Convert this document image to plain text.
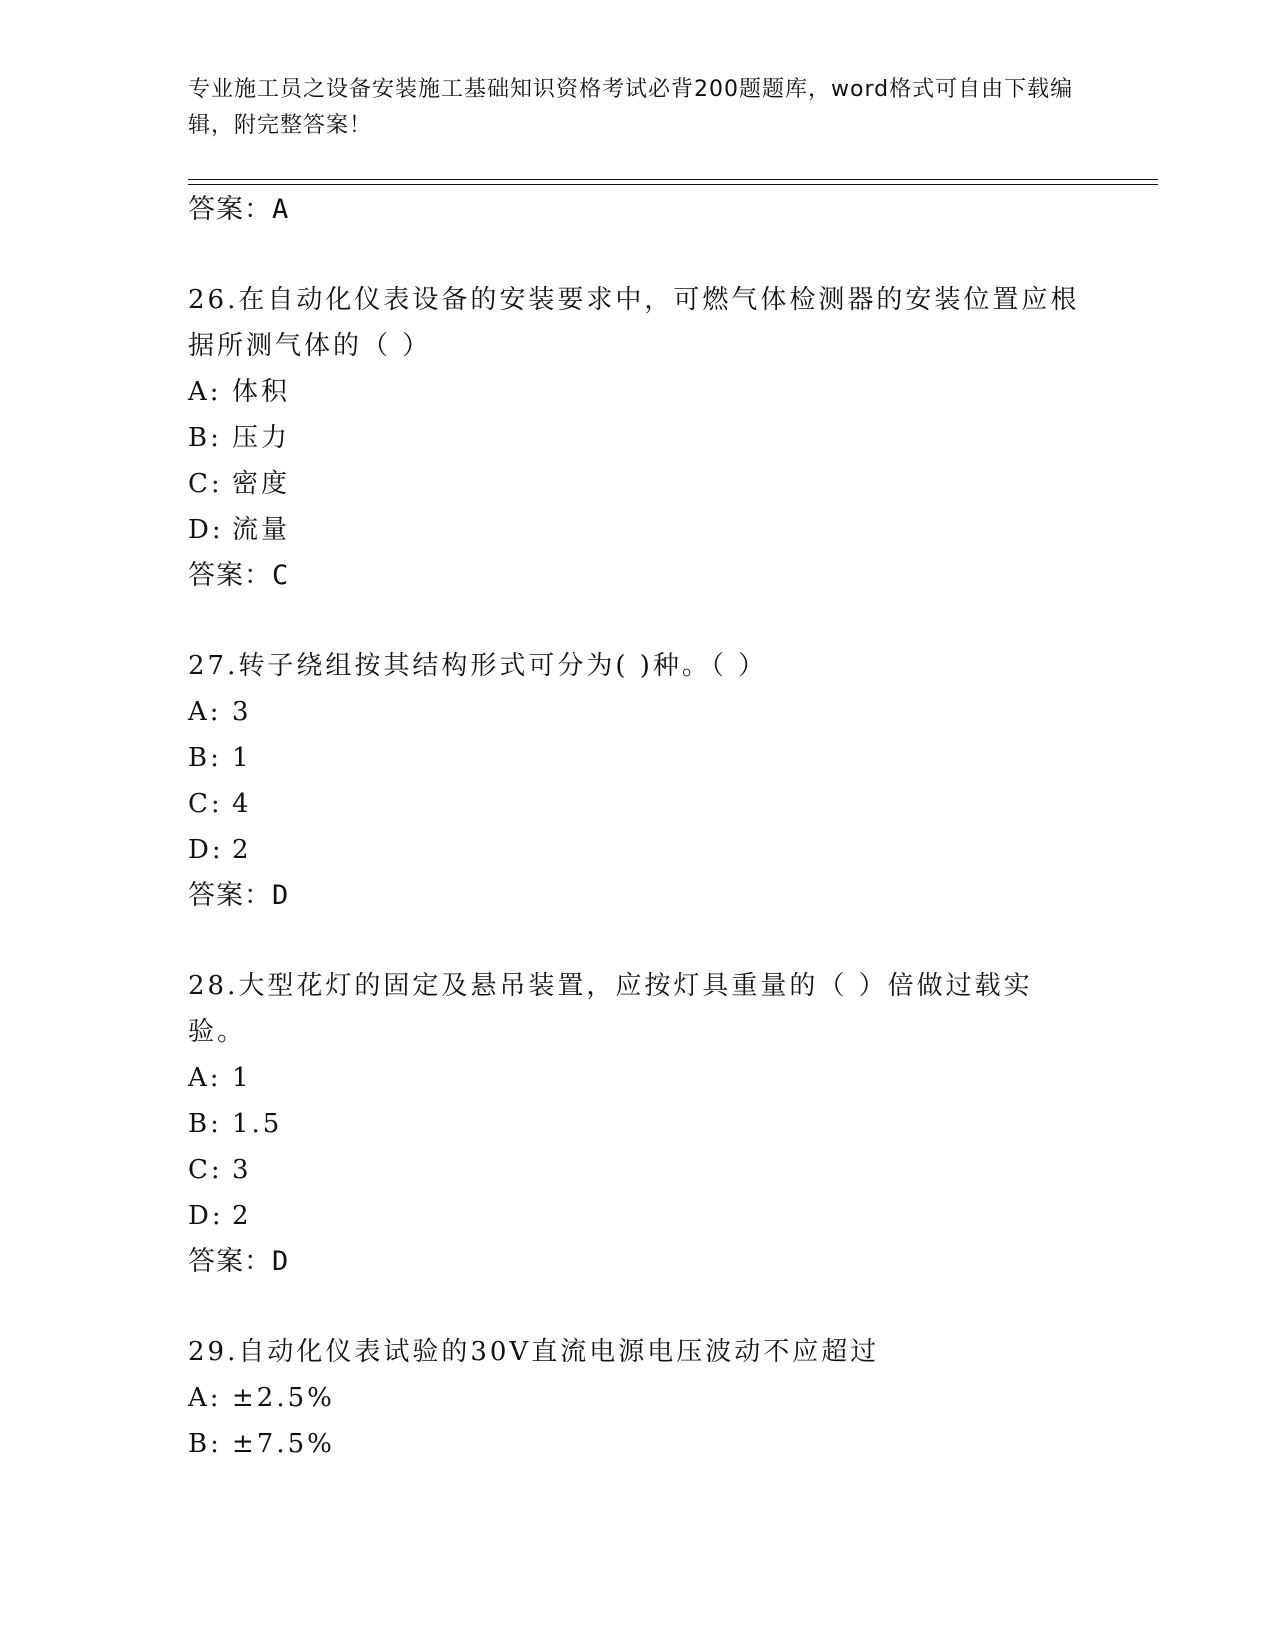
专业施工员之设备安装施工基础知识资格考试必背200题题库，word格式可自由下载编辑，附完整答案！
答案：A
26.在自动化仪表设备的安装要求中，可燃气体检测器的安装位置应根据所测气体的（ ）
A: 体积
B: 压力
C: 密度
D: 流量
答案：C
27.转子绕组按其结构形式可分为( )种。（ ）
A: 3
B: 1
C: 4
D: 2
答案：D
28.大型花灯的固定及悬吊装置，应按灯具重量的（ ）倍做过载实验。
A: 1
B: 1.5
C: 3
D: 2
答案：D
29.自动化仪表试验的30V直流电源电压波动不应超过
A: ±2.5%
B: ±7.5%
